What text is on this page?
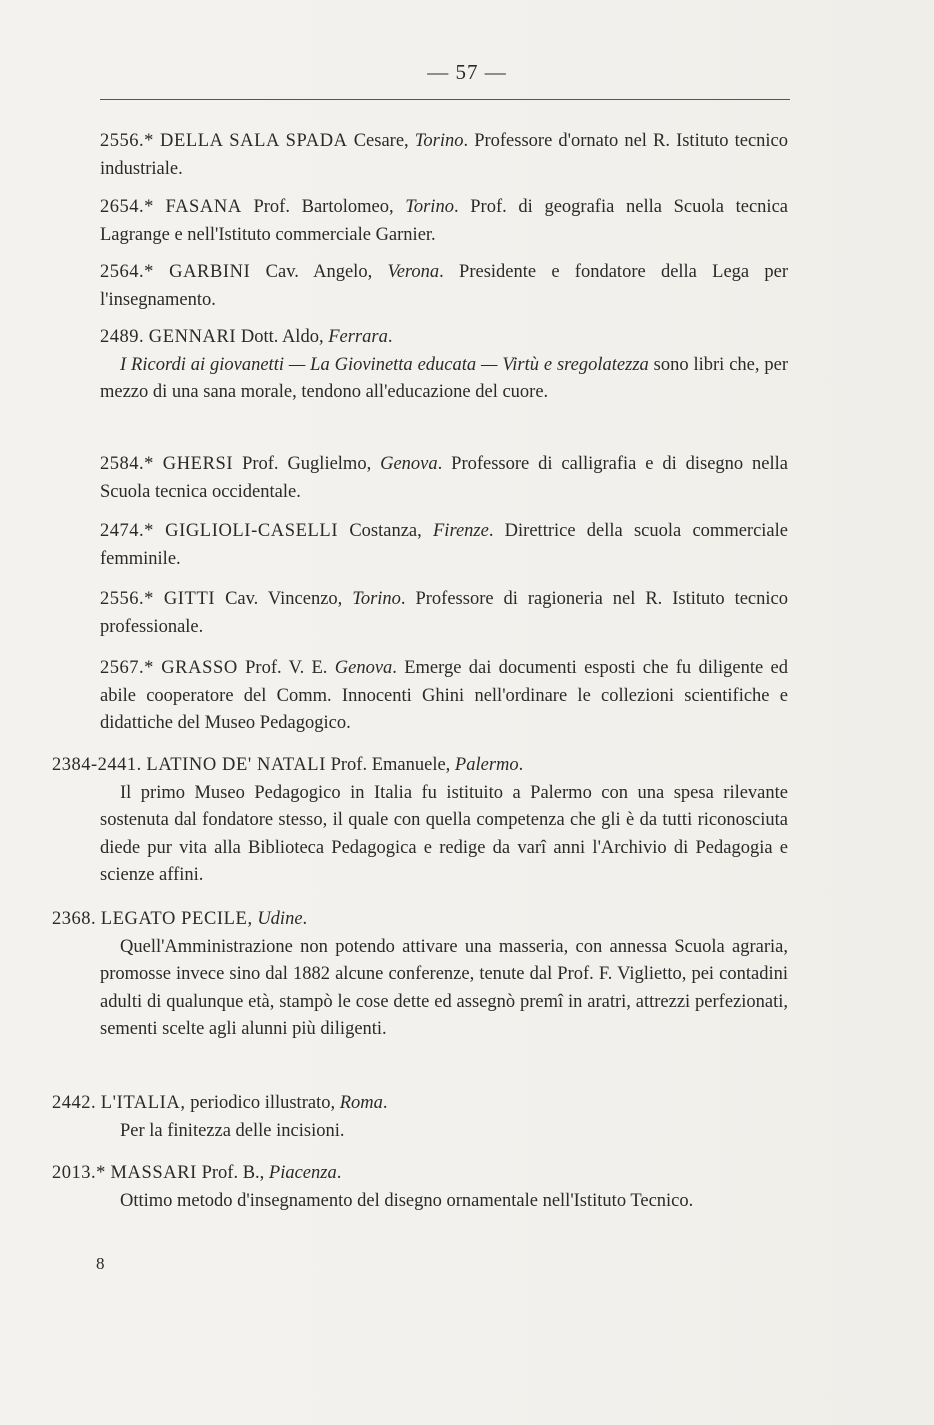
— 57 —

2556.* DELLA SALA SPADA Cesare, Torino. Professore d'ornato nel R. Istituto tecnico industriale.

2654.* FASANA Prof. Bartolomeo, Torino. Prof. di geografia nella Scuola tecnica Lagrange e nell'Istituto commerciale Garnier.

2564.* GARBINI Cav. Angelo, Verona. Presidente e fondatore della Lega per l'insegnamento.

2489. GENNARI Dott. Aldo, Ferrara.

I Ricordi ai giovanetti — La Giovinetta educata — Virtù e sregolatezza sono libri che, per mezzo di una sana morale, tendono all'educazione del cuore.

2584.* GHERSI Prof. Guglielmo, Genova. Professore di calligrafia e di disegno nella Scuola tecnica occidentale.

2474.* GIGLIOLI-CASELLI Costanza, Firenze. Direttrice della scuola commerciale femminile.

2556.* GITTI Cav. Vincenzo, Torino. Professore di ragioneria nel R. Istituto tecnico professionale.

2567.* GRASSO Prof. V. E. Genova. Emerge dai documenti esposti che fu diligente ed abile cooperatore del Comm. Innocenti Ghini nell'ordinare le collezioni scientifiche e didattiche del Museo Pedagogico.

2384-2441. LATINO DE' NATALI Prof. Emanuele, Palermo.

Il primo Museo Pedagogico in Italia fu istituito a Palermo con una spesa rilevante sostenuta dal fondatore stesso, il quale con quella competenza che gli è da tutti riconosciuta diede pur vita alla Biblioteca Pedagogica e redige da varî anni l'Archivio di Pedagogia e scienze affini.

2368. LEGATO PECILE, Udine.

Quell'Amministrazione non potendo attivare una masseria, con annessa Scuola agraria, promosse invece sino dal 1882 alcune conferenze, tenute dal Prof. F. Viglietto, pei contadini adulti di qualunque età, stampò le cose dette ed assegnò premî in aratri, attrezzi perfezionati, sementi scelte agli alunni più diligenti.

2442. L'ITALIA, periodico illustrato, Roma.

Per la finitezza delle incisioni.

2013.* MASSARI Prof. B., Piacenza.

Ottimo metodo d'insegnamento del disegno ornamentale nell'Istituto Tecnico.

8
